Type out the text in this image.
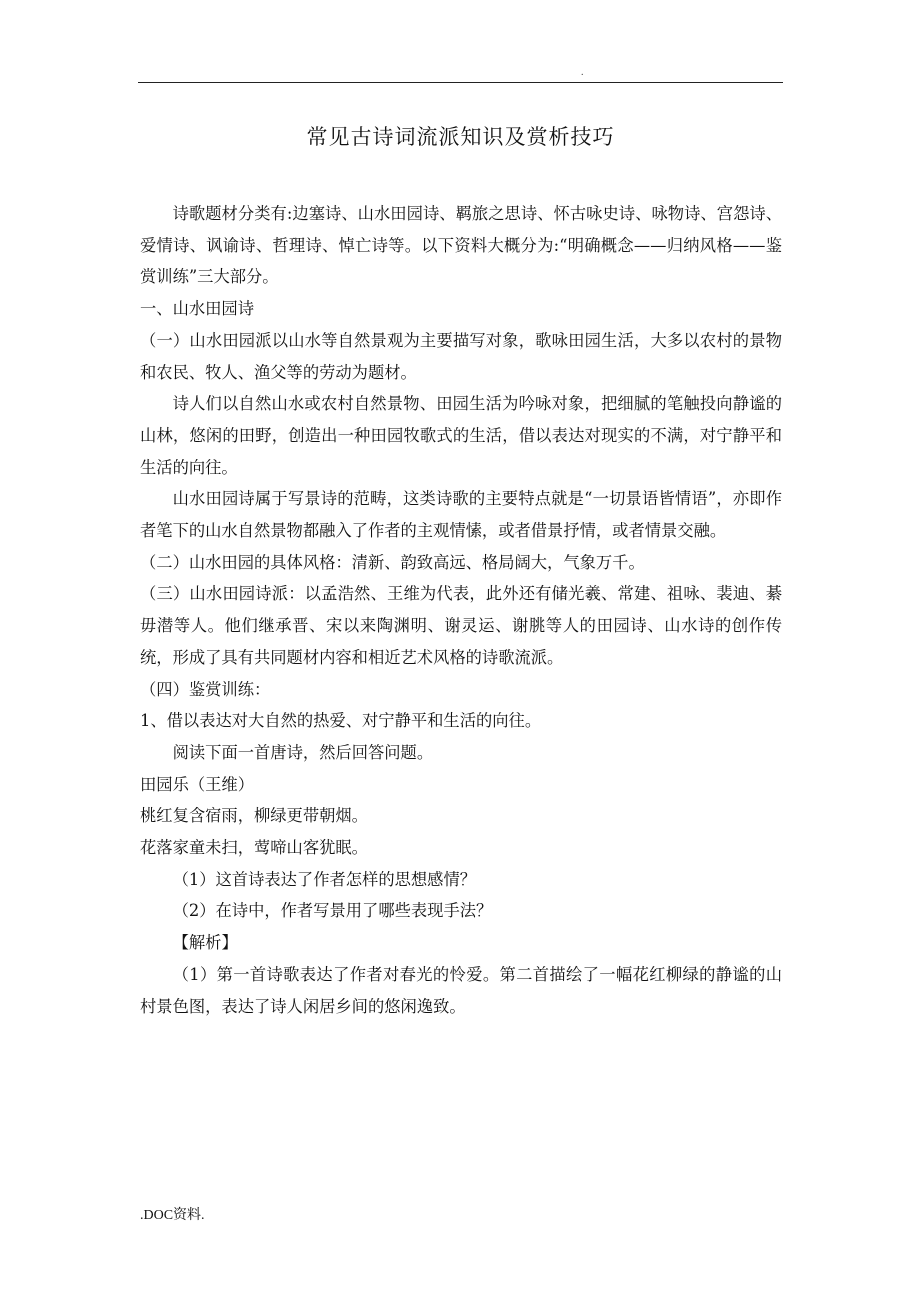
.
常见古诗词流派知识及赏析技巧

诗歌题材分类有:边塞诗、山水田园诗、羁旅之思诗、怀古咏史诗、咏物诗、宫怨诗、爱情诗、讽谕诗、哲理诗、悼亡诗等。以下资料大概分为:“明确概念——归纳风格——鉴赏训练”三大部分。

一、山水田园诗

（一）山水田园派以山水等自然景观为主要描写对象，歌咏田园生活，大多以农村的景物和农民、牧人、渔父等的劳动为题材。

诗人们以自然山水或农村自然景物、田园生活为吟咏对象，把细腻的笔触投向静谧的山林，悠闲的田野，创造出一种田园牧歌式的生活，借以表达对现实的不满，对宁静平和生活的向往。

山水田园诗属于写景诗的范畴，这类诗歌的主要特点就是“一切景语皆情语”，亦即作者笔下的山水自然景物都融入了作者的主观情愫，或者借景抒情，或者情景交融。

（二）山水田园的具体风格：清新、韵致高远、格局阔大，气象万千。

（三）山水田园诗派：以孟浩然、王维为代表，此外还有储光羲、常建、祖咏、裴迪、綦毋潜等人。他们继承晋、宋以来陶渊明、谢灵运、谢朓等人的田园诗、山水诗的创作传统，形成了具有共同题材内容和相近艺术风格的诗歌流派。

（四）鉴赏训练：

1、借以表达对大自然的热爱、对宁静平和生活的向往。

阅读下面一首唐诗，然后回答问题。

田园乐（王维）

桃红复含宿雨，柳绿更带朝烟。

花落家童未扫，莺啼山客犹眠。

（1）这首诗表达了作者怎样的思想感情？

（2）在诗中，作者写景用了哪些表现手法？

【解析】

（1）第一首诗歌表达了作者对春光的怜爱。第二首描绘了一幅花红柳绿的静谧的山村景色图，表达了诗人闲居乡间的悠闲逸致。

.DOC资料.
